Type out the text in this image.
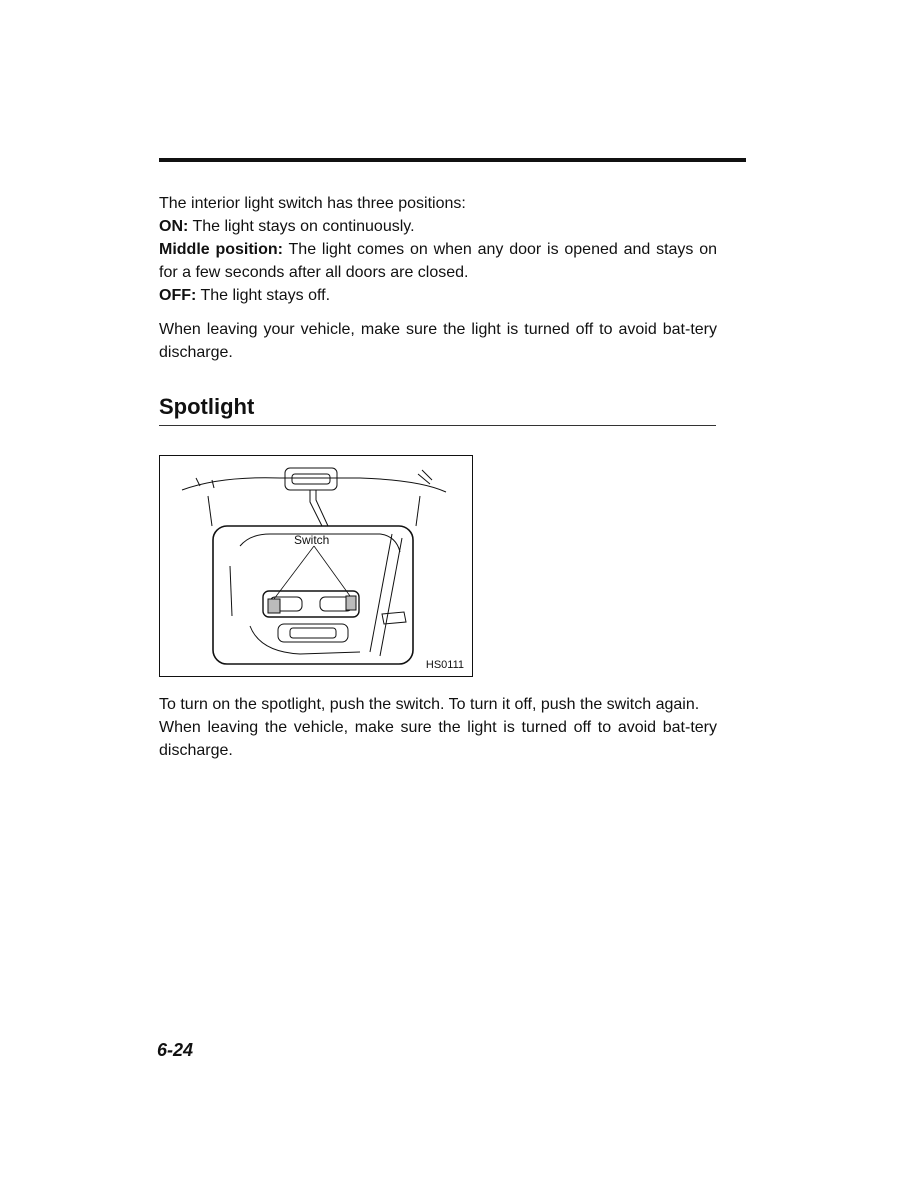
The interior light switch has three positions:

ON: The light stays on continuously.

Middle position: The light comes on when any door is opened and stays on for a few seconds after all doors are closed.

OFF: The light stays off.

When leaving your vehicle, make sure the light is turned off to avoid bat-tery discharge.

Spotlight
Switch
HS0111

To turn on the spotlight, push the switch. To turn it off, push the switch again.

When leaving the vehicle, make sure the light is turned off to avoid bat-tery discharge.

6-24
